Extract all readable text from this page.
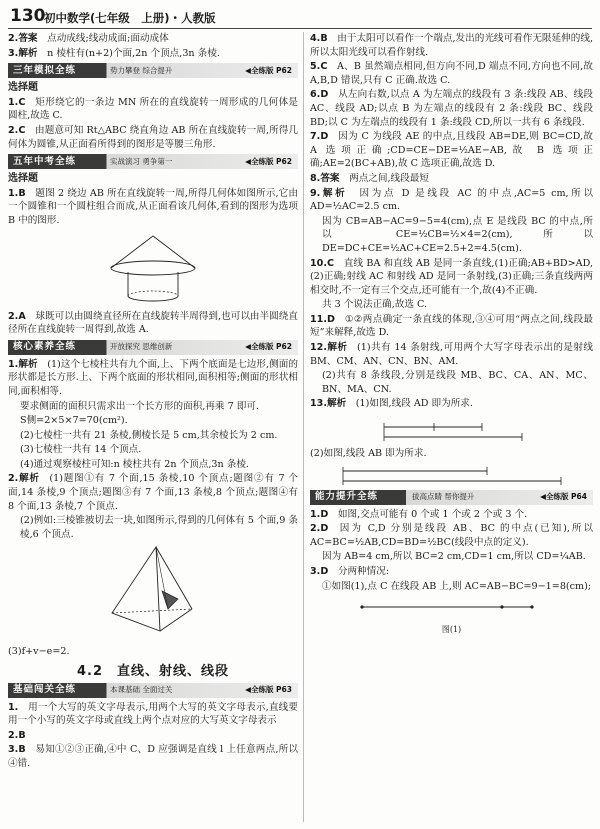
130
初中数学(七年级　上册)・人教版
2.答案  点动成线;线动成面;面动成体
3.解析  n 棱柱有(n+2)个面,2n 个顶点,3n 条棱.
三年模拟全练	势力攀登 综合提升	◀全练版 P62
选择题
1.C  矩形绕它的一条边 MN 所在的直线旋转一周形成的几何体是圆柱,故选 C.
2.C  由题意可知 Rt△ABC 绕直角边 AB 所在直线旋转一周,所得几何体为圆锥,从正面看所得到的图形是等腰三角形.
五年中考全练	实战演习 勇争第一	◀全练版 P62
选择题
1.B  题图 2 绕边 AB 所在直线旋转一周,所得几何体如图所示,它由一个圆锥和一个圆柱组合而成,从正面看该几何体,看到的图形为选项 B 中的图形.
2.A  球既可以由圆绕直径所在直线旋转半周得到,也可以由半圆绕直径所在直线旋转一周得到,故选 A.
核心素养全练	开放探究 思维创新	◀全练版 P62
1.解析  (1)这个七棱柱共有九个面,上、下两个底面是七边形,侧面的形状都是长方形.上、下两个底面的形状相同,面积相等;侧面的形状相同,面积相等.
要求侧面的面积只需求出一个长方形的面积,再乘 7 即可.
S侧=2×5×7=70(cm²).
(2)七棱柱一共有 21 条棱,侧棱长是 5 cm,其余棱长为 2 cm.
(3)七棱柱一共有 14 个顶点.
(4)通过观察棱柱可知:n 棱柱共有 2n 个顶点,3n 条棱.
2.解析  (1)题图①有 7 个面,15 条棱,10 个顶点;题图②有 7 个面,14 条棱,9 个顶点;题图③有 7 个面,13 条棱,8 个顶点;题图④有 8 个面,13 条棱,7 个顶点.
(2)例如:三棱锥被切去一块,如图所示,得到的几何体有 5 个面,9 条棱,6 个顶点.
(3)f+v−e=2.
4.2　直线、射线、线段
基础闯关全练	本课基础 全面过关	◀全练版 P63
1.  用一个大写的英文字母表示,用两个大写的英文字母表示,直线要用一个小写的英文字母或直线上两个点对应的大写英文字母表示
2.B 
3.B  易知①②③正确,④中 C、D 应强调是直线 l 上任意两点,所以④错.
4.B  由于太阳可以看作一个端点,发出的光线可看作无限延伸的线,所以太阳光线可以看作射线.
5.C  A、B 虽然端点相同,但方向不同,D 端点不同,方向也不同,故 A,B,D 错误,只有 C 正确.故选 C.
6.D  从左向右数,以点 A 为左端点的线段有 3 条:线段 AB、线段 AC、线段 AD;以点 B 为左端点的线段有 2 条:线段 BC、线段 BD;以 C 为左端点的线段有 1 条:线段 CD,所以一共有 6 条线段.
7.D  因为 C 为线段 AE 的中点,且线段 AB=DE,则 BC=CD,故 A 选项正确;CD=CE−DE=½AE−AB,故 B 选项正确;AE=2(BC+AB),故 C 选项正确,故选 D.
8.答案  两点之间,线段最短
9.解析  因为点 D 是线段 AC 的中点,AC=5 cm,所以 AD=½AC=2.5 cm.
因为 CB=AB−AC=9−5=4(cm),点 E 是线段 BC 的中点,所以 CE=½CB=½×4=2(cm),所以 DE=DC+CE=½AC+CE=2.5+2=4.5(cm).
10.C  直线 BA 和直线 AB 是同一条直线,(1)正确;AB+BD>AD,(2)正确;射线 AC 和射线 AD 是同一条射线,(3)正确;三条直线两两相交时,不一定有三个交点,还可能有一个,故(4)不正确.
共 3 个说法正确,故选 C.
11.D  ①②两点确定一条直线的体现,③④可用“两点之间,线段最短”来解释,故选 D.
12.解析  (1)共有 14 条射线,可用两个大写字母表示出的是射线 BM、CM、AN、CN、BN、AM.
(2)共有 8 条线段,分别是线段 MB、BC、CA、AN、MC、BN、MA、CN.
13.解析  (1)如图,线段 AD 即为所求.
(2)如图,线段 AB 即为所求.
能力提升全练	拔高点睛 帮你提升	◀全练版 P64
1.D  如图,交点可能有 0 个或 1 个或 2 个或 3 个.
2.D  因为 C,D 分别是线段 AB、BC 的中点(已知),所以 AC=BC=½AB,CD=BD=½BC(线段中点的定义).
因为 AB=4 cm,所以 BC=2 cm,CD=1 cm,所以 CD=¼AB.
3.D  分两种情况:
①如图(1),点 C 在线段 AB 上,则 AC=AB−BC=9−1=8(cm);
图(1)
